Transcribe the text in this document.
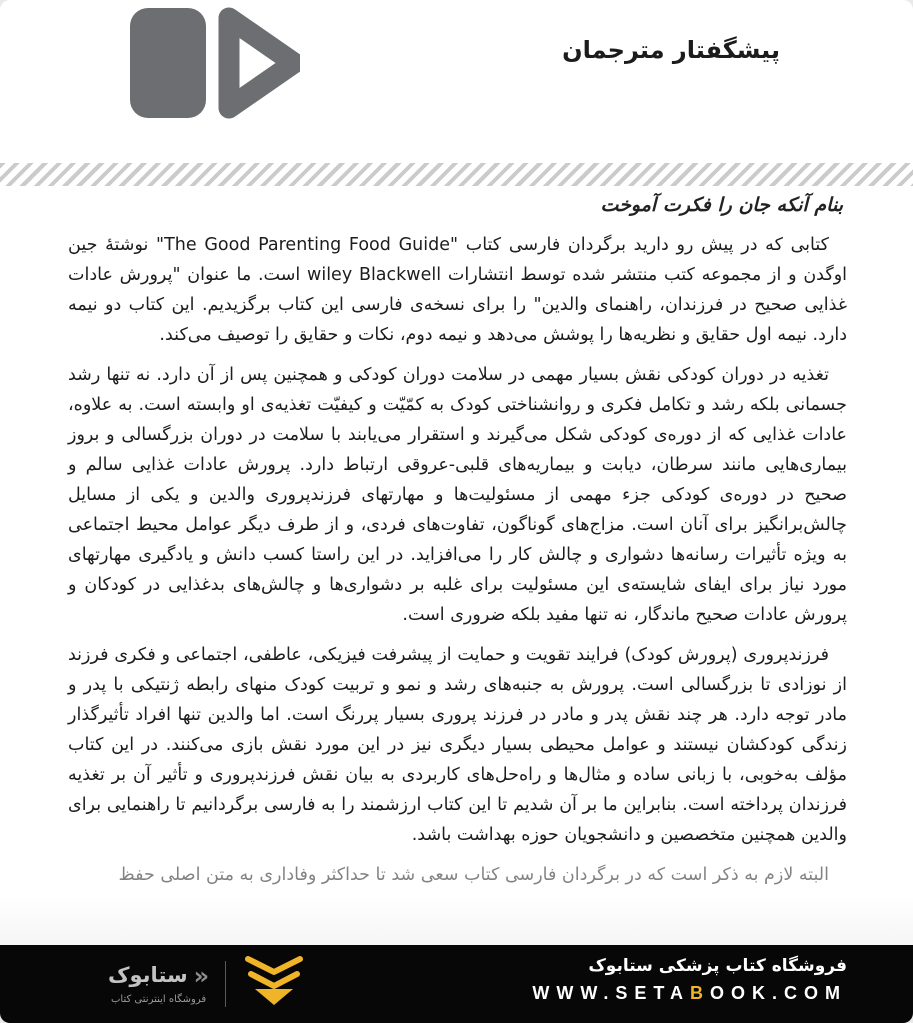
پیشگفتار مترجمان
بنام آنکه جان را فکرت آموخت

کتابی که در پیش رو دارید برگردان فارسی کتاب "The Good Parenting Food Guide" نوشتۀ جین اوگدن و از مجموعه کتب منتشر شده توسط انتشارات wiley Blackwell است. ما عنوان "پرورش عادات غذایی صحیح در فرزندان، راهنمای والدین" را برای نسخه‌ی فارسی این کتاب برگزیدیم. این کتاب دو نیمه دارد. نیمه اول حقایق و نظریه‌ها را پوشش می‌دهد و نیمه دوم، نکات و حقایق را توصیف می‌کند.

تغذیه در دوران کودکی نقش بسیار مهمی در سلامت دوران کودکی و همچنین پس از آن دارد. نه تنها رشد جسمانی بلکه رشد و تکامل فکری و روانشناختی کودک به کمّیّت و کیفیّت تغذیه‌ی او وابسته است. به علاوه، عادات غذایی که از دوره‌ی کودکی شکل می‌گیرند و استقرار می‌یابند با سلامت در دوران بزرگسالی و بروز بیماری‌هایی مانند سرطان، دیابت و بیماریه‌های قلبی-عروقی ارتباط دارد. پرورش عادات غذایی سالم و صحیح در دوره‌ی کودکی جزء مهمی از مسئولیت‌ها و مهارتهای فرزندپروری والدین و یکی از مسایل چالش‌برانگیز برای آنان است. مزاج‌های گوناگون، تفاوت‌های فردی، و از طرف دیگر عوامل محیط اجتماعی به ویژه تأثیرات رسانه‌ها دشواری و چالش کار را می‌افزاید. در این راستا کسب دانش و یادگیری مهارتهای مورد نیاز برای ایفای شایسته‌ی این مسئولیت برای غلبه بر دشواری‌ها و چالش‌های بدغذایی در کودکان و پرورش عادات صحیح ماندگار، نه تنها مفید بلکه ضروری است.

فرزندپروری (پرورش کودک) فرایند تقویت و حمایت از پیشرفت فیزیکی، عاطفی، اجتماعی و فکری فرزند از نوزادی تا بزرگسالی است. پرورش به جنبه‌های رشد و نمو و تربیت کودک منهای رابطه ژنتیکی با پدر و مادر توجه دارد. هر چند نقش پدر و مادر در فرزند پروری بسیار پررنگ است. اما والدین تنها افراد تأثیرگذار زندگی کودکشان نیستند و عوامل محیطی بسیار دیگری نیز در این مورد نقش بازی می‌کنند. در این کتاب مؤلف به‌خوبی، با زبانی ساده و مثال‌ها و راه‌حل‌های کاربردی به بیان نقش فرزندپروری و تأثیر آن بر تغذیه فرزندان پرداخته است. بنابراین ما بر آن شدیم تا این کتاب ارزشمند را به فارسی برگردانیم تا راهنمایی برای والدین همچنین متخصصین و دانشجویان حوزه بهداشت باشد.

البته لازم به ذکر است که در برگردان فارسی کتاب سعی شد تا حداکثر وفاداری به متن اصلی حفظ

«
ستابوک
فروشگاه اینترنتی کتاب
فروشگاه کتاب پزشکی ستابوک
WWW.SETABOOK.COM
